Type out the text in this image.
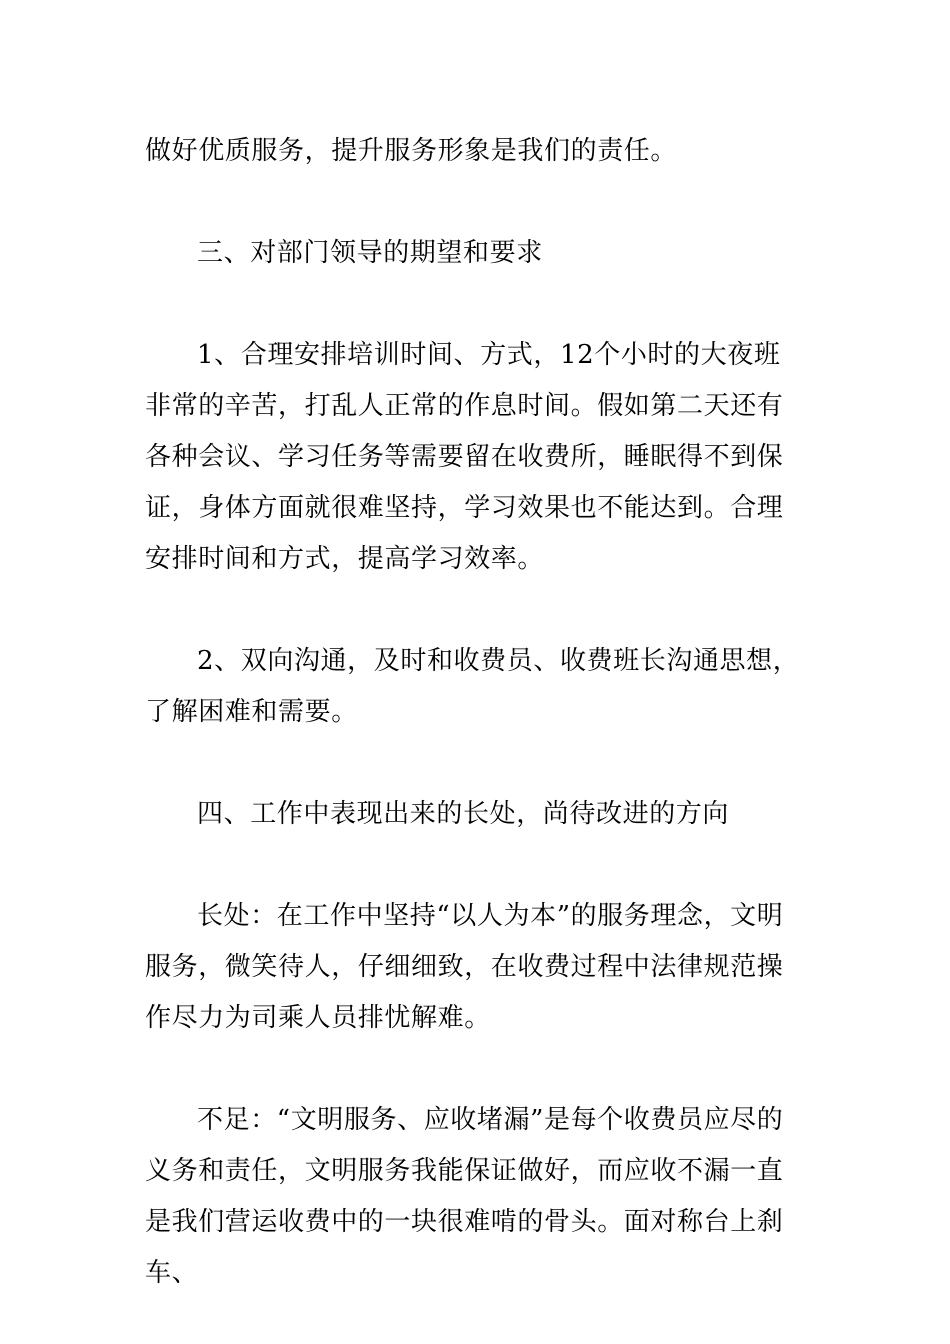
做好优质服务，提升服务形象是我们的责任。

三、对部门领导的期望和要求

1、合理安排培训时间、方式，12个小时的大夜班非常的辛苦，打乱人正常的作息时间。假如第二天还有各种会议、学习任务等需要留在收费所，睡眠得不到保证，身体方面就很难坚持，学习效果也不能达到。合理安排时间和方式，提高学习效率。

2、双向沟通，及时和收费员、收费班长沟通思想，了解困难和需要。

四、工作中表现出来的长处，尚待改进的方向

长处：在工作中坚持“以人为本”的服务理念，文明服务，微笑待人，仔细细致，在收费过程中法律规范操作尽力为司乘人员排忧解难。

不足：“文明服务、应收堵漏”是每个收费员应尽的义务和责任，文明服务我能保证做好，而应收不漏一直是我们营运收费中的一块很难啃的骨头。面对称台上刹车、
